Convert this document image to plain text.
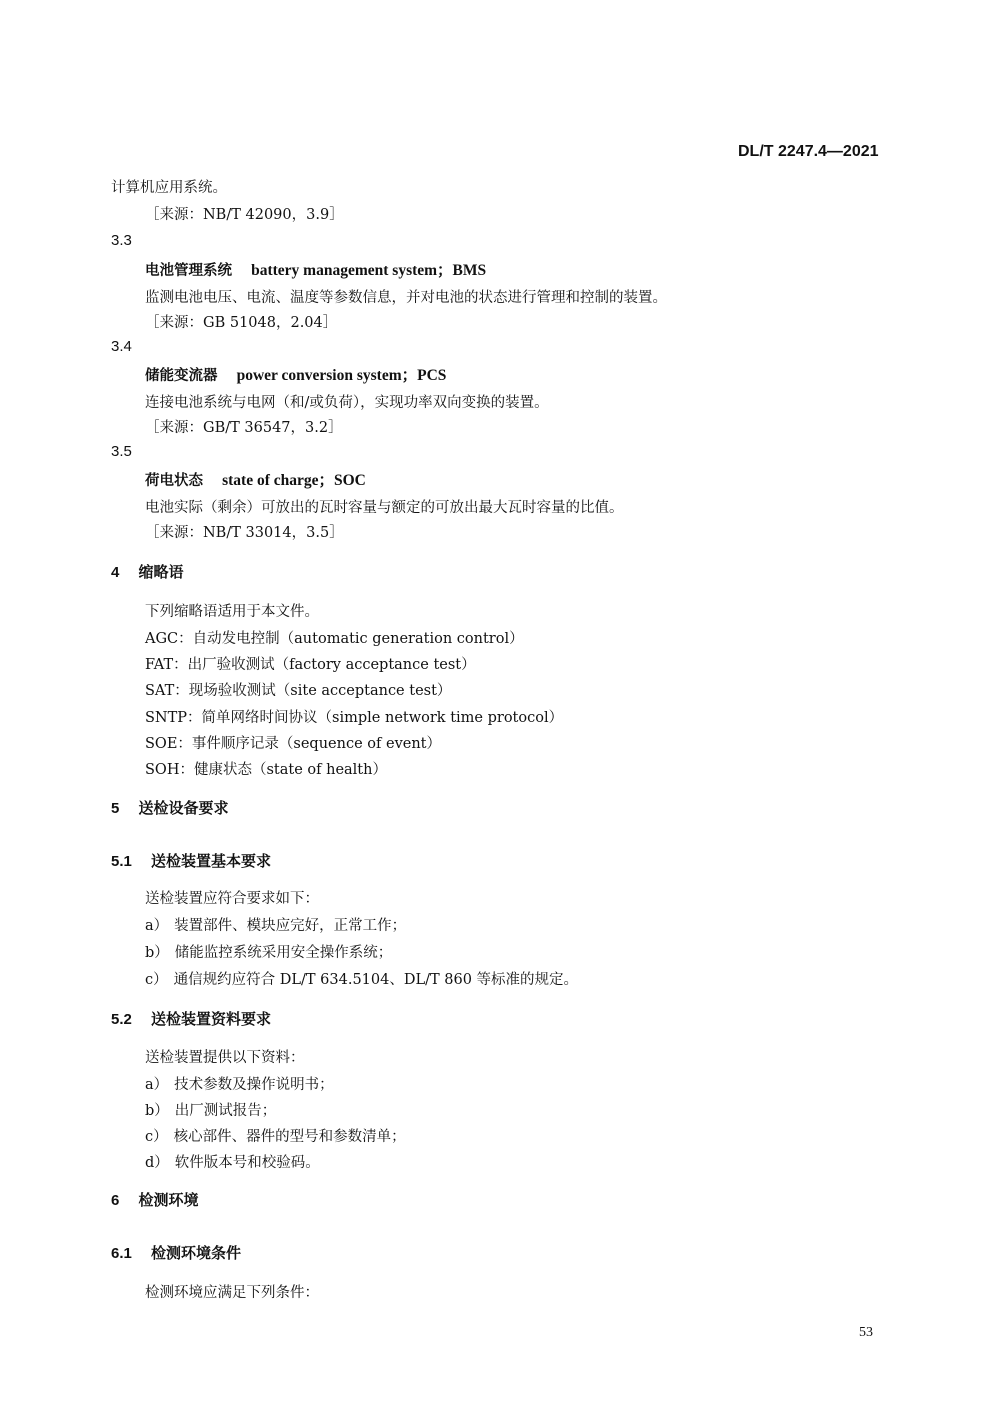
DL/T 2247.4—2021
计算机应用系统。
［来源：NB/T 42090，3.9］
3.3
电池管理系统 battery management system；BMS
监测电池电压、电流、温度等参数信息，并对电池的状态进行管理和控制的装置。
［来源：GB 51048，2.04］
3.4
储能变流器 power conversion system；PCS
连接电池系统与电网（和/或负荷），实现功率双向变换的装置。
［来源：GB/T 36547，3.2］
3.5
荷电状态 state of charge；SOC
电池实际（剩余）可放出的瓦时容量与额定的可放出最大瓦时容量的比值。
［来源：NB/T 33014，3.5］
4 缩略语
下列缩略语适用于本文件。
AGC：自动发电控制（automatic generation control）
FAT：出厂验收测试（factory acceptance test）
SAT：现场验收测试（site acceptance test）
SNTP：简单网络时间协议（simple network time protocol）
SOE：事件顺序记录（sequence of event）
SOH：健康状态（state of health）
5 送检设备要求
5.1 送检装置基本要求
送检装置应符合要求如下：
a） 装置部件、模块应完好，正常工作；
b） 储能监控系统采用安全操作系统；
c） 通信规约应符合 DL/T 634.5104、DL/T 860 等标准的规定。
5.2 送检装置资料要求
送检装置提供以下资料：
a） 技术参数及操作说明书；
b） 出厂测试报告；
c） 核心部件、器件的型号和参数清单；
d） 软件版本号和校验码。
6 检测环境
6.1 检测环境条件
检测环境应满足下列条件：
53
